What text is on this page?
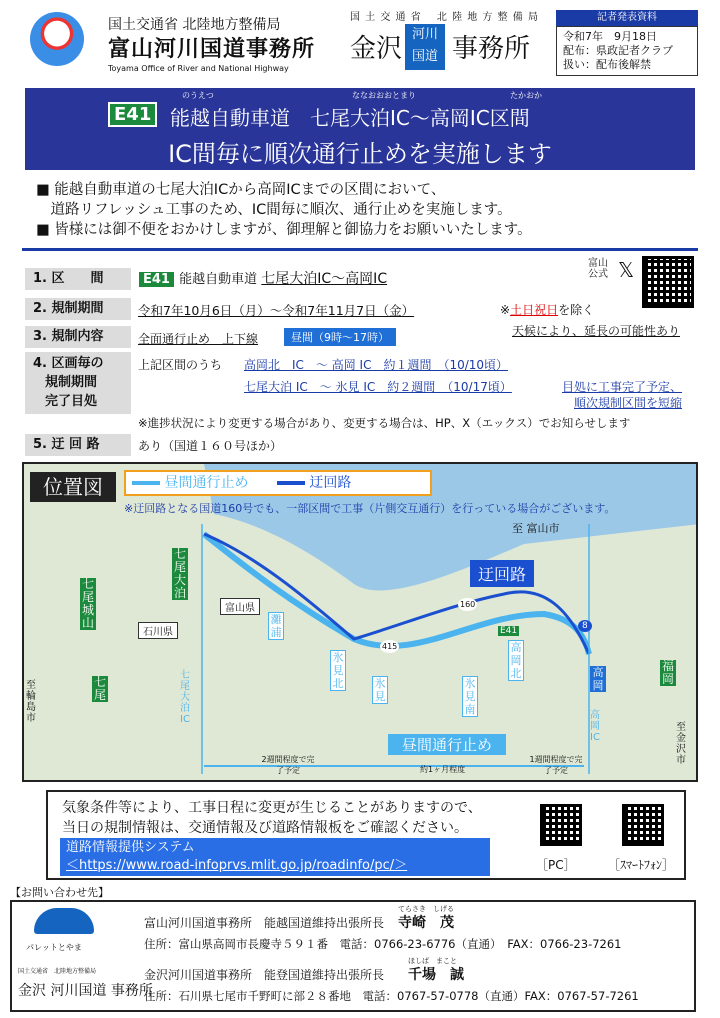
国土交通省 北陸地方整備局
富山河川国道事務所
Toyama Office of River and National Highway
国 土 交 通 省　 北 陸 地 方 整 備 局
金沢 河川 国道 事務所
記者発表資料
令和7年　9月18日
配布：県政記者クラブ
扱い：配布後解禁
のうえつ	ななおおおとまり	たかおか
E41 能越自動車道　七尾大泊IC～高岡IC区間
IC間毎に順次通行止めを実施します
■ 能越自動車道の七尾大泊ICから高岡ICまでの区間において、
　道路リフレッシュ工事のため、IC間毎に順次、通行止めを実施します。
■ 皆様には御不便をおかけしますが、御理解と御協力をお願いいたします。
1. 区　　間	E41 能越自動車道 七尾大泊IC～高岡IC
富山
公式 𝕏
2. 規制期間	令和7年10月6日（月）～令和7年11月7日（金）	※土日祝日を除く
3. 規制内容	全面通行止め　上下線	昼間（9時～17時）	天候により、延長の可能性あり
4. 区画毎の
規制期間
完了目処
上記区間のうち 高岡北　IC　～ 高岡 IC　約１週間　（10/10頃）
七尾大泊 IC　～ 氷見 IC　約２週間　（10/17頃）	目処に工事完了予定、
順次規制区間を短縮
※進捗状況により変更する場合があり、変更する場合は、HP、X（エックス）でお知らせします
5. 迂 回 路	あり（国道１６０号ほか）
位置図	昼間通行止め	迂回路
※迂回路となる国道160号でも、一部区間で工事（片側交互通行）を行っている場合がございます。
至 富山市
迂回路
富山県
石川県
七尾大泊
七尾城山
七尾
七尾大泊IC
至輪島市
灘浦
氷見北	氷見
氷見南
高岡北	高岡
高岡IC
福岡
至金沢市
昼間通行止め
2週間程度で完了予定	約1ヶ月程度
1週間程度で完了予定
160
415
8
E41
気象条件等により、工事日程に変更が生じることがありますので、
当日の規制情報は、交通情報及び道路情報板をご確認ください。
道路情報提供システム
＜https://www.road-infoprvs.mlit.go.jp/roadinfo/pc/＞	［PC］	［ｽﾏｰﾄﾌｫﾝ］
【お問い合わせ先】
パレットとやま
国土交通省　北陸地方整備局
金沢 河川国道 事務所
てらさき　しげる
富山河川国道事務所　能越国道維持出張所長 寺崎　茂
住所：富山県高岡市長慶寺５９１番　電話：0766-23-6776（直通）　FAX：0766-23-7261
ほしば　まこと
金沢河川国道事務所　能登国道維持出張所長 千場　誠
住所：石川県七尾市千野町に部２８番地　電話：0767-57-0778（直通）FAX：0767-57-7261
